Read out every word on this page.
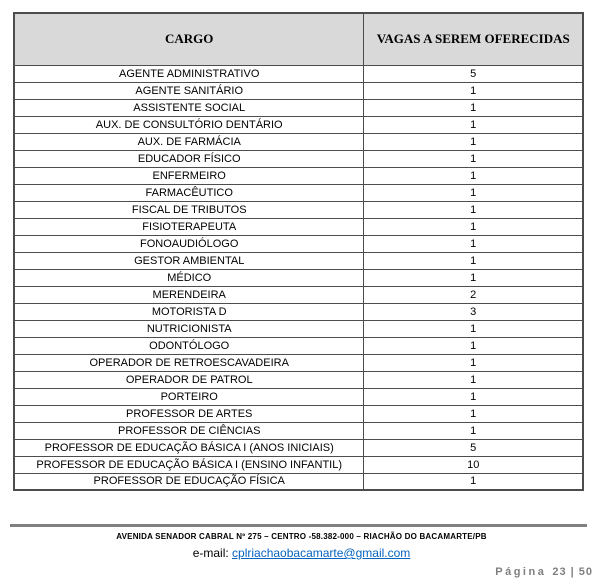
CARGO	VAGAS A SEREM OFERECIDAS
AGENTE ADMINISTRATIVO	5
AGENTE SANITÁRIO	1
ASSISTENTE SOCIAL	1
AUX. DE CONSULTÓRIO DENTÁRIO	1
AUX. DE FARMÁCIA	1
EDUCADOR FÍSICO	1
ENFERMEIRO	1
FARMACÊUTICO	1
FISCAL DE TRIBUTOS	1
FISIOTERAPEUTA	1
FONOAUDIÓLOGO	1
GESTOR AMBIENTAL	1
MÉDICO	1
MERENDEIRA	2
MOTORISTA D	3
NUTRICIONISTA	1
ODONTÓLOGO	1
OPERADOR DE RETROESCAVADEIRA	1
OPERADOR DE PATROL	1
PORTEIRO	1
PROFESSOR DE ARTES	1
PROFESSOR DE CIÊNCIAS	1
PROFESSOR DE EDUCAÇÃO BÁSICA I (ANOS INICIAIS)	5
PROFESSOR DE EDUCAÇÃO BÁSICA I (ENSINO INFANTIL)	10
PROFESSOR DE EDUCAÇÃO FÍSICA	1
AVENIDA SENADOR CABRAL Nº 275 – CENTRO -58.382-000 – RIACHÃO DO BACAMARTE/PB
e-mail: cplriachaobacamarte@gmail.com
Página 23 | 50
